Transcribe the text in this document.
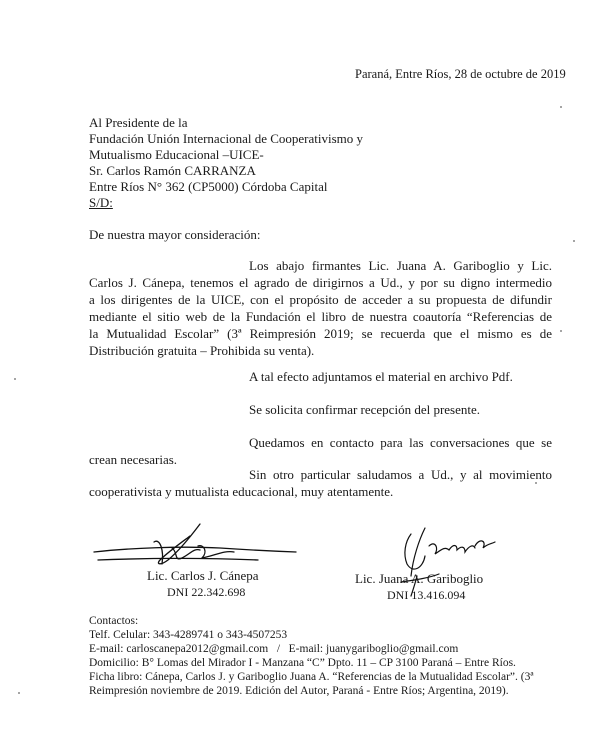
Paraná, Entre Ríos, 28 de octubre de 2019
Al Presidente de la
Fundación Unión Internacional de Cooperativismo y
Mutualismo Educacional –UICE-
Sr. Carlos Ramón CARRANZA
Entre Ríos N° 362 (CP5000) Córdoba Capital
S/D:
De nuestra mayor consideración:
Los abajo firmantes Lic. Juana A. Gariboglio y Lic.
Carlos J. Cánepa, tenemos el agrado de dirigirnos a Ud., y por su digno intermedio
a los dirigentes de la UICE, con el propósito de acceder a su propuesta de difundir
mediante el sitio web de la Fundación el libro de nuestra coautoría “Referencias de
la Mutualidad Escolar” (3ª Reimpresión 2019; se recuerda que el mismo es de
Distribución gratuita – Prohibida su venta).
A tal efecto adjuntamos el material en archivo Pdf.
Se solicita confirmar recepción del presente.
Quedamos en contacto para las conversaciones que se
crean necesarias.
Sin otro particular saludamos a Ud., y al movimiento
cooperativista y mutualista educacional, muy atentamente.
Lic. Carlos J. Cánepa
DNI 22.342.698
Lic. Juana A. Gariboglio
DNI 13.416.094
Contactos:
Telf. Celular: 343-4289741 o 343-4507253
E-mail: carloscanepa2012@gmail.com   /   E-mail: juanygariboglio@gmail.com
Domicilio: B° Lomas del Mirador I - Manzana “C” Dpto. 11 – CP 3100 Paraná – Entre Ríos.
Ficha libro: Cánepa, Carlos J. y Gariboglio Juana A. “Referencias de la Mutualidad Escolar”. (3ª
Reimpresión noviembre de 2019. Edición del Autor, Paraná - Entre Ríos; Argentina, 2019).
